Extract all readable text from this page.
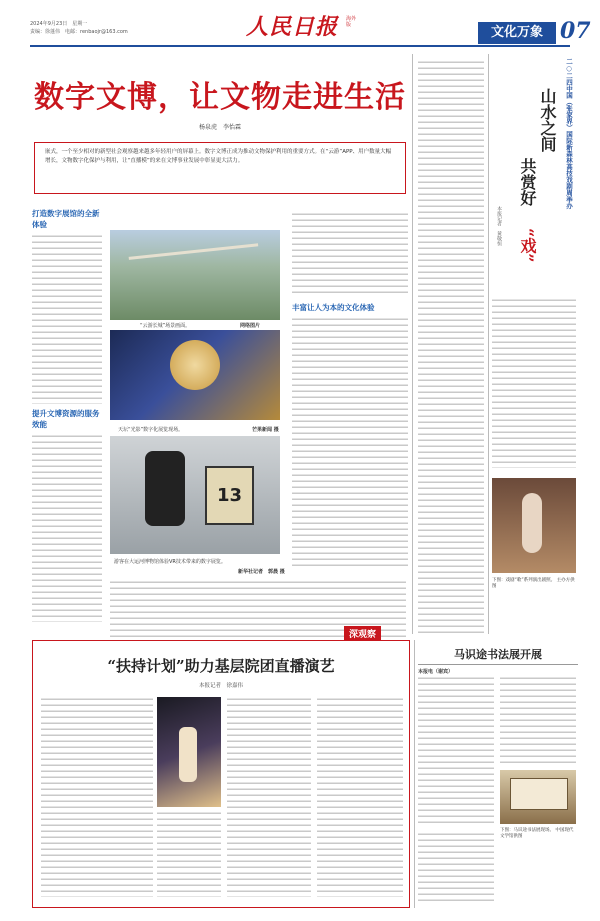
2024年9月23日　星期一
责编：徐蓬伟　 电邮：renbaojr@163.com	人民日报 海外版	文化万象 07
数字文博，让文物走进生活
杨泉虎　李怡霖
嵌式，一个至少相对的新型社会观察越来越多年轻用户的屏幕上。数字文博正成为推动文物保护利用的重要方式。在“云游”APP、用户数量大幅增长，文物数字化保护与利用，让“直播模”的来在文博事业发展中彰显更大活力。
打造数字展馆的全新体验
提升文博资源的服务效能
“云游长城”场景画面。	网络图片
天坛“光影”数字化展览现场。	芒果新闻 摄
13
游客在大运河博物馆体验VR技术带来的数字展览。
新华社记者　郭晨 摄
丰富让人为本的文化体验
深观察
二○二四中国（张家界）国际新森林高技戏剧周举办
山水之间
共赏好
“戏”
本报记者　黄敬恒
下图：戏剧“歌”系列演出剧照。 主办方供图
“扶持计划”助力基层院团直播演艺
本报记者　徐嘉伟
马识途书法展开展
本报电（谢宾）
下图：马识途书法展现场。 中国现代文学馆供图
